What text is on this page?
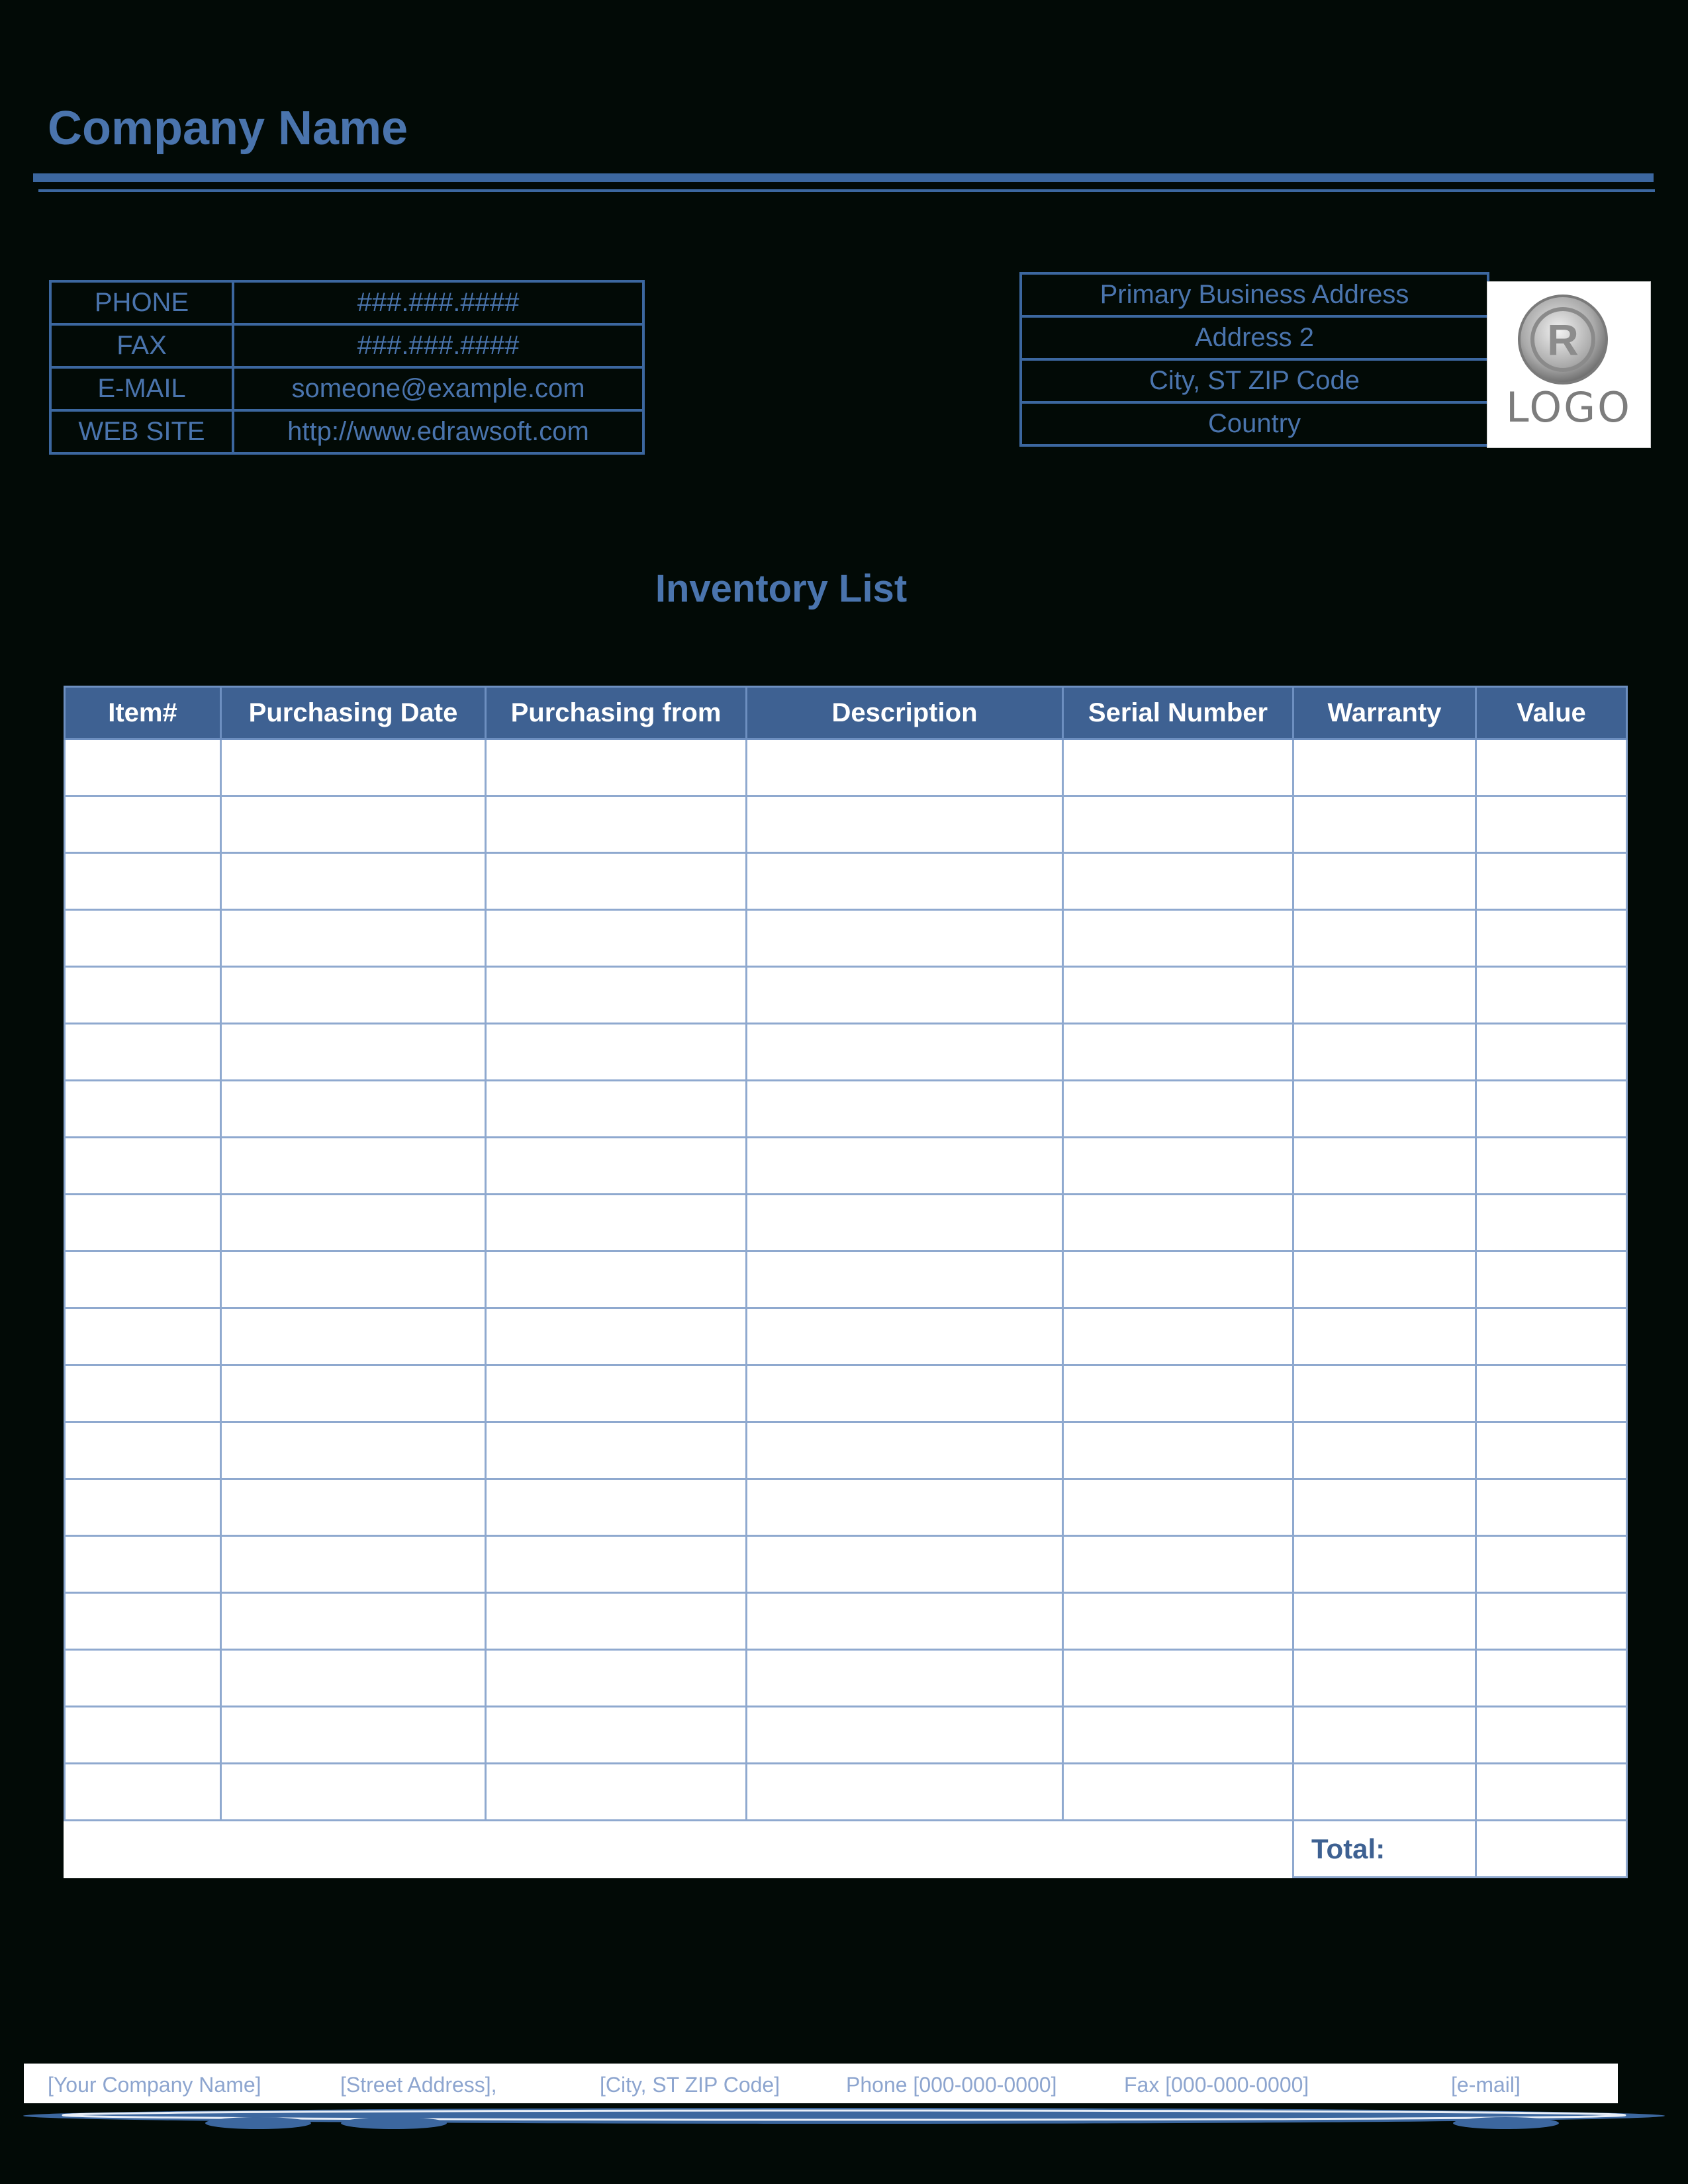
Company Name
PHONE	###.###.####
FAX	###.###.####
E-MAIL	someone@example.com
WEB SITE	http://www.edrawsoft.com
Primary Business Address
Address 2
City, ST ZIP Code
Country
R
LOGO
Inventory List
Item#	Purchasing Date	Purchasing from	Description	Serial Number	Warranty	Value

					Total:	
[Your Company Name]	[Street Address],	[City, ST ZIP Code]	Phone [000-000-0000]	Fax [000-000-0000]	[e-mail]
